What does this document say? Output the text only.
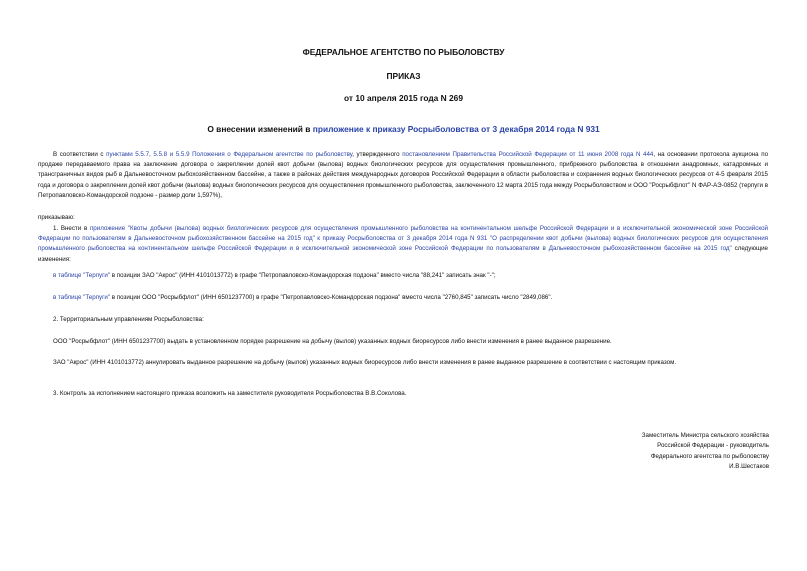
ФЕДЕРАЛЬНОЕ АГЕНТСТВО ПО РЫБОЛОВСТВУ
ПРИКАЗ
от 10 апреля 2015 года N 269
О внесении изменений в приложение к приказу Росрыболовства от 3 декабря 2014 года N 931
В соответствии с пунктами 5.5.7, 5.5.8 и 5.5.9 Положения о Федеральном агентстве по рыболовству, утвержденного постановлением Правительства Российской Федерации от 11 июня 2008 года N 444, на основании протокола аукциона по продаже передаваемого права на заключение договора о закреплении долей квот добычи (вылова) водных биологических ресурсов для осуществления промышленного, прибрежного рыболовства в отношении анадромных, катадромных и трансграничных видов рыб в Дальневосточном рыбохозяйственном бассейне, а также в районах действия международных договоров Российской Федерации в области рыболовства и сохранения водных биологических ресурсов от 4-5 февраля 2015 года и договора о закреплении долей квот добычи (вылова) водных биологических ресурсов для осуществления промышленного рыболовства, заключенного 12 марта 2015 года между Росрыболовством и ООО "Росрыбфлот" N ФАР-АЭ-0852 (терпуги в Петропавловско-Командорской подзоне - размер доли 1,597%),
приказываю:
1. Внести в приложение "Квоты добычи (вылова) водных биологических ресурсов для осуществления промышленного рыболовства на континентальном шельфе Российской Федерации и в исключительной экономической зоне Российской Федерации по пользователям в Дальневосточном рыбохозяйственном бассейне на 2015 год" к приказу Росрыболовства от 3 декабря 2014 года N 931 "О распределении квот добычи (вылова) водных биологических ресурсов для осуществления промышленного рыболовства на континентальном шельфе Российской Федерации и в исключительной экономической зоне Российской Федерации по пользователям в Дальневосточном рыбохозяйственном бассейне на 2015 год" следующие изменения:
в таблице "Терпуги" в позиции ЗАО "Акрос" (ИНН 4101013772) в графе "Петропавловско-Командорская подзона" вместо числа "88,241" записать знак "-";
в таблице "Терпуги" в позиции ООО "Росрыбфлот" (ИНН 6501237700) в графе "Петропавловско-Командорская подзона" вместо числа "2760,845" записать число "2849,086".
2. Территориальным управлениям Росрыболовства:
ООО "Росрыбфлот" (ИНН 6501237700) выдать в установленном порядке разрешение на добычу (вылов) указанных водных биоресурсов либо внести изменения в ранее выданное разрешение.
ЗАО "Акрос" (ИНН 4101013772) аннулировать выданное разрешение на добычу (вылов) указанных водных биоресурсов либо внести изменения в ранее выданное разрешение в соответствии с настоящим приказом.
3. Контроль за исполнением настоящего приказа возложить на заместителя руководителя Росрыболовства В.В.Соколова.
Заместитель Министра сельского хозяйства
Российской Федерации - руководитель
Федерального агентства по рыболовству
И.В.Шестаков
